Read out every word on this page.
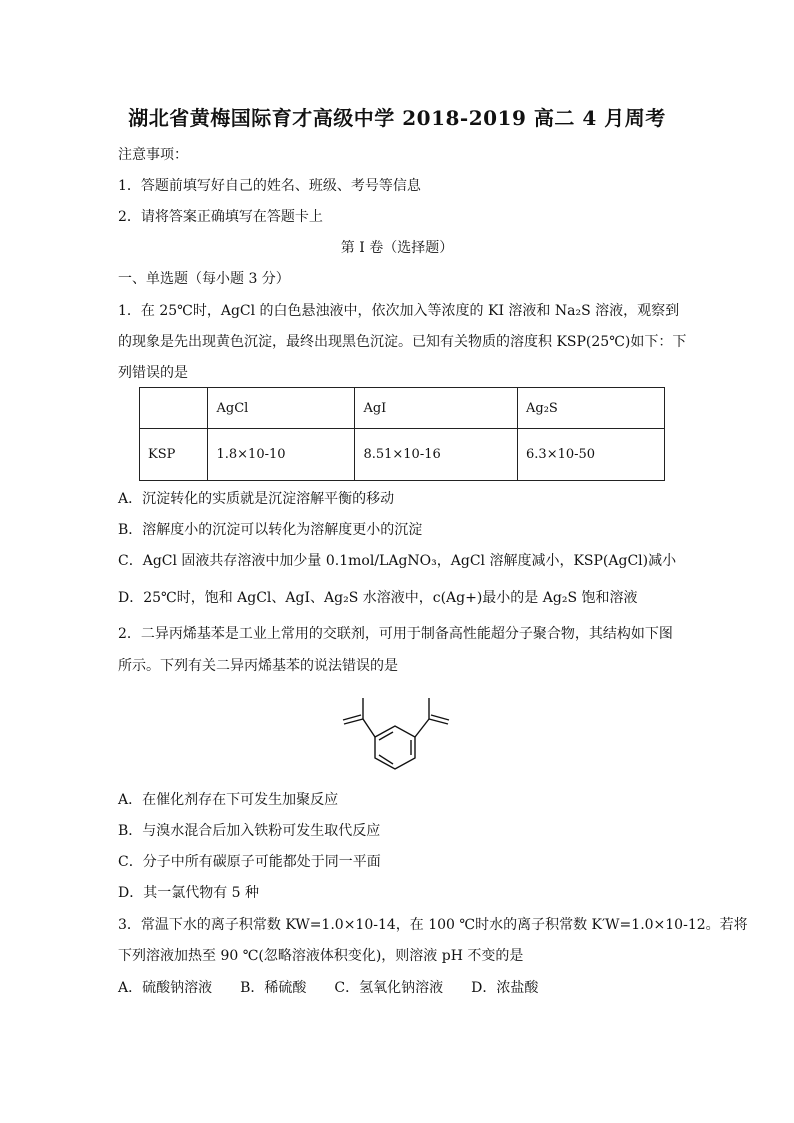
湖北省黄梅国际育才高级中学 2018-2019 高二 4 月周考
注意事项：
1．答题前填写好自己的姓名、班级、考号等信息
2．请将答案正确填写在答题卡上
第 I 卷（选择题）
一、单选题（每小题 3 分）
1．在 25℃时，AgCl 的白色悬浊液中，依次加入等浓度的 KI 溶液和 Na₂S 溶液，观察到
的现象是先出现黄色沉淀，最终出现黑色沉淀。已知有关物质的溶度积 KSP(25℃)如下：下
列错误的是
	AgCl	AgI	Ag₂S
KSP	1.8×10-10	8.51×10-16	6.3×10-50
A．沉淀转化的实质就是沉淀溶解平衡的移动
B．溶解度小的沉淀可以转化为溶解度更小的沉淀
C．AgCl 固液共存溶液中加少量 0.1mol/LAgNO₃，AgCl 溶解度减小，KSP(AgCl)减小
D．25℃时，饱和 AgCl、AgI、Ag₂S 水溶液中，c(Ag+)最小的是 Ag₂S 饱和溶液
2．二异丙烯基苯是工业上常用的交联剂，可用于制备高性能超分子聚合物，其结构如下图
所示。下列有关二异丙烯基苯的说法错误的是
A．在催化剂存在下可发生加聚反应
B．与溴水混合后加入铁粉可发生取代反应
C．分子中所有碳原子可能都处于同一平面
D．其一氯代物有 5 种
3．常温下水的离子积常数 KW=1.0×10-14，在 100 ℃时水的离子积常数 K′W=1.0×10-12。若将
下列溶液加热至 90 ℃(忽略溶液体积变化)，则溶液 pH 不变的是
A．硫酸钠溶液　　B．稀硫酸　　C．氢氧化钠溶液　　D．浓盐酸
